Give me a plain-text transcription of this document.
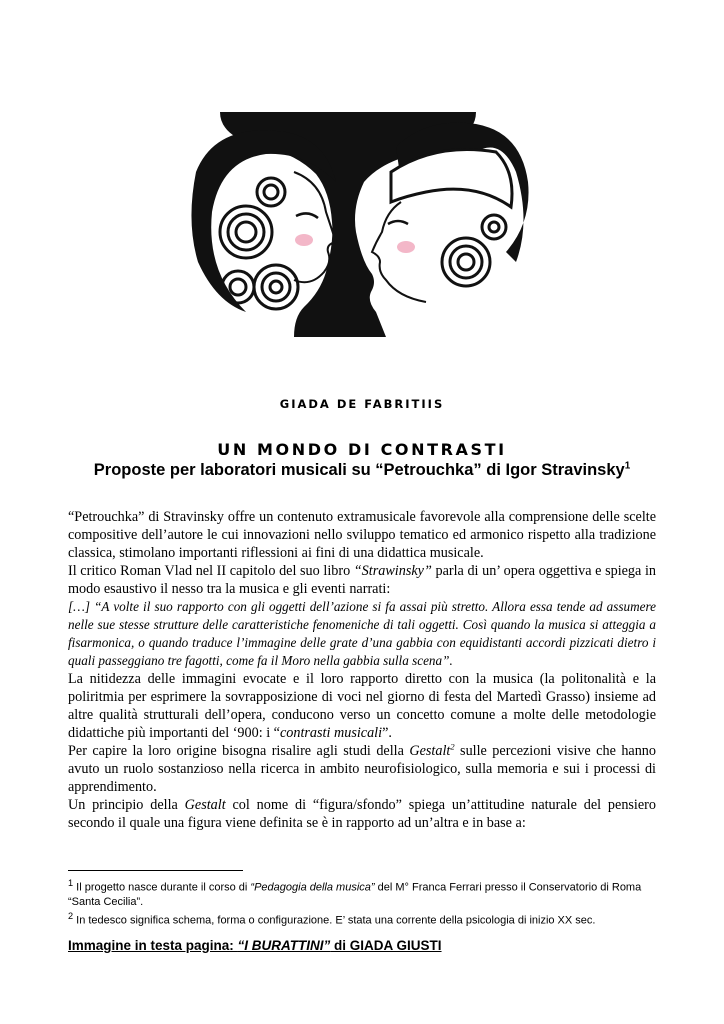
GIADA DE FABRITIIS
UN MONDO DI CONTRASTI
Proposte per laboratori musicali su “Petrouchka” di Igor Stravinsky$^1$

“Petrouchka” di Stravinsky offre un contenuto extramusicale favorevole alla comprensione delle scelte compositive dell’autore le cui innovazioni nello sviluppo tematico ed armonico rispetto alla tradizione classica, stimolano importanti riflessioni ai fini di una didattica musicale.

Il critico Roman Vlad nel II capitolo del suo libro “Strawinsky” parla di un’ opera oggettiva e spiega in modo esaustivo il nesso tra la musica e gli eventi narrati:

[…] “A volte il suo rapporto con gli oggetti dell’azione si fa assai più stretto. Allora essa tende ad assumere nelle sue stesse strutture delle caratteristiche fenomeniche di tali oggetti. Così quando la musica si atteggia a fisarmonica, o quando traduce l’immagine delle grate d’una gabbia con equidistanti accordi pizzicati dietro i quali passeggiano tre fagotti, come fa il Moro nella gabbia sulla scena”.

La nitidezza delle immagini evocate e il loro rapporto diretto con la musica (la politonalità e la poliritmia per esprimere la sovrapposizione di voci nel giorno di festa del Martedì Grasso) insieme ad altre qualità strutturali dell’opera, conducono verso un concetto comune a molte delle metodologie didattiche più importanti del ‘900: i “contrasti musicali”.

Per capire la loro origine bisogna risalire agli studi della Gestalt$^2$ sulle percezioni visive che hanno avuto un ruolo sostanzioso nella ricerca in ambito neurofisiologico, sulla memoria e sui i processi di apprendimento.

Un principio della Gestalt col nome di “figura/sfondo” spiega un’attitudine naturale del pensiero secondo il quale una figura viene definita se è in rapporto ad un’altra e in base a:

$^1$ Il progetto nasce durante il corso di “Pedagogia della musica” del M° Franca Ferrari presso il Conservatorio di Roma “Santa Cecilia”.

$^2$ In tedesco significa schema, forma o configurazione. E’ stata una corrente della psicologia di inizio XX sec.

Immagine in testa pagina: “I BURATTINI” di GIADA GIUSTI
